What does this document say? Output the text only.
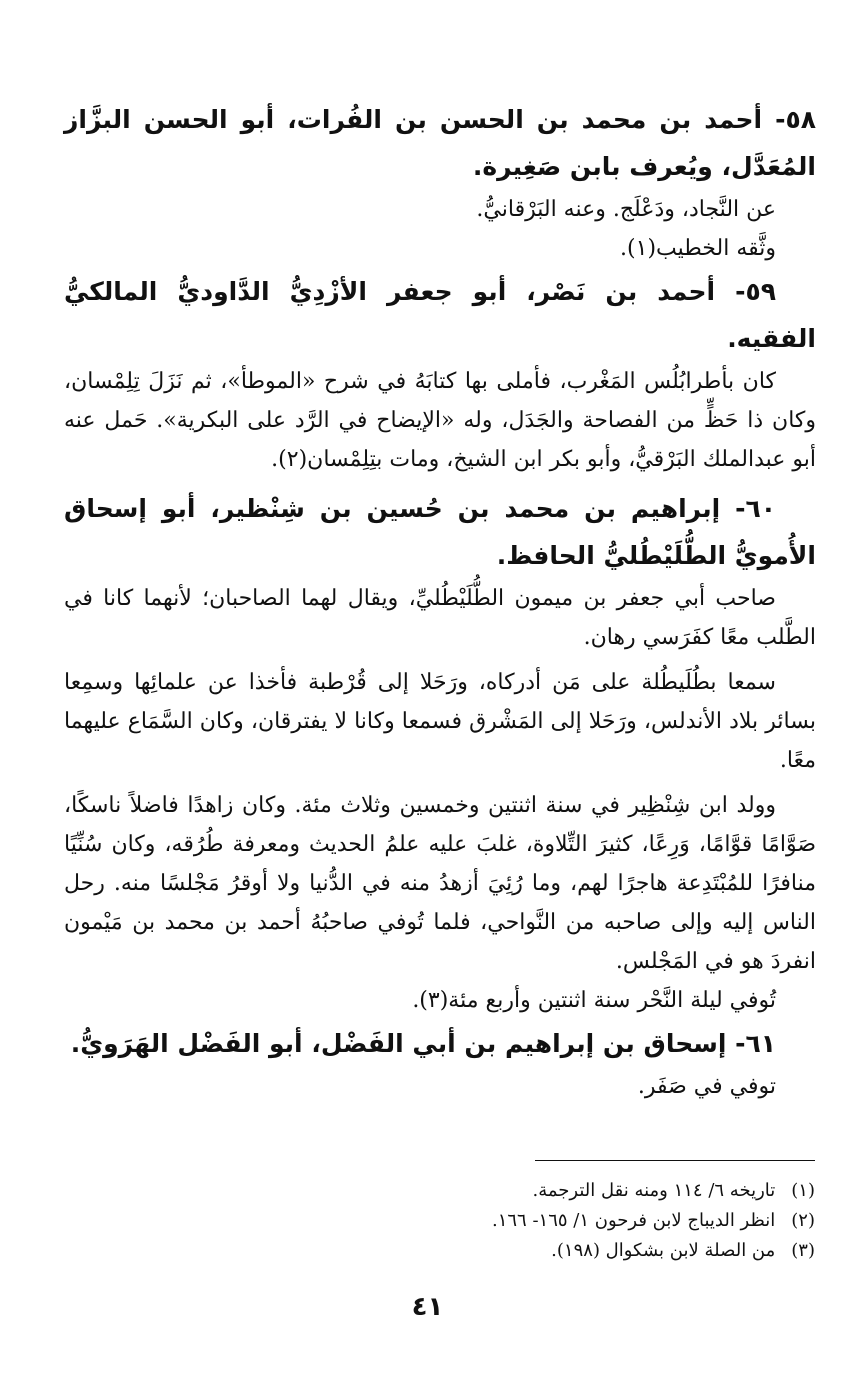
٥٨- أحمد بن محمد بن الحسن بن الفُرات، أبو الحسن البزَّاز المُعَدَّل، ويُعرف بابن صَغِيرة.

عن النَّجاد، ودَعْلَج. وعنه البَرْقانيُّ.

وثَّقه الخطيب(١).

٥٩- أحمد بن نَصْر، أبو جعفر الأزْدِيُّ الدَّاوديُّ المالكيُّ الفقيه.

كان بأطرابُلُس المَغْرب، فأملى بها كتابَهُ في شرح «الموطأ»، ثم نَزَلَ تِلِمْسان، وكان ذا حَظٍّ من الفصاحة والجَدَل، وله «الإيضاح في الرَّد على البكرية». حَمل عنه أبو عبدالملك البَرْقيُّ، وأبو بكر ابن الشيخ، ومات بتِلِمْسان(٢).

٦٠- إبراهيم بن محمد بن حُسين بن شِنْظير، أبو إسحاق الأُمويُّ الطُّلَيْطُليُّ الحافظ.

صاحب أبي جعفر بن ميمون الطُّلَيْطُليِّ، ويقال لهما الصاحبان؛ لأنهما كانا في الطَّلب معًا كفَرَسي رهان.

سمعا بطُلَيطُلة على مَن أدركاه، ورَحَلا إلى قُرْطبة فأخذا عن علمائِها وسمِعا بسائر بلاد الأندلس، ورَحَلا إلى المَشْرق فسمعا وكانا لا يفترقان، وكان السَّمَاع عليهما معًا.

وولد ابن شِنْظِير في سنة اثنتين وخمسين وثلاث مئة. وكان زاهدًا فاضلاً ناسكًا، صَوَّامًا قوَّامًا، وَرِعًا، كثيرَ التِّلاوة، غلبَ عليه علمُ الحديث ومعرفة طُرُقه، وكان سُنِّيًا منافرًا للمُبْتَدِعة هاجرًا لهم، وما رُئِيَ أزهدُ منه في الدُّنيا ولا أوقرُ مَجْلسًا منه. رحل الناس إليه وإلى صاحبه من النَّواحي، فلما تُوفي صاحبُهُ أحمد بن محمد بن مَيْمون انفردَ هو في المَجْلس.

تُوفي ليلة النَّحْر سنة اثنتين وأربع مئة(٣).

٦١- إسحاق بن إبراهيم بن أبي الفَضْل، أبو الفَضْل الهَرَويُّ.

توفي في صَفَر.

(١) تاريخه ٦/ ١١٤ ومنه نقل الترجمة.

(٢) انظر الديباج لابن فرحون ١/ ١٦٥- ١٦٦.

(٣) من الصلة لابن بشكوال (١٩٨).

٤١
